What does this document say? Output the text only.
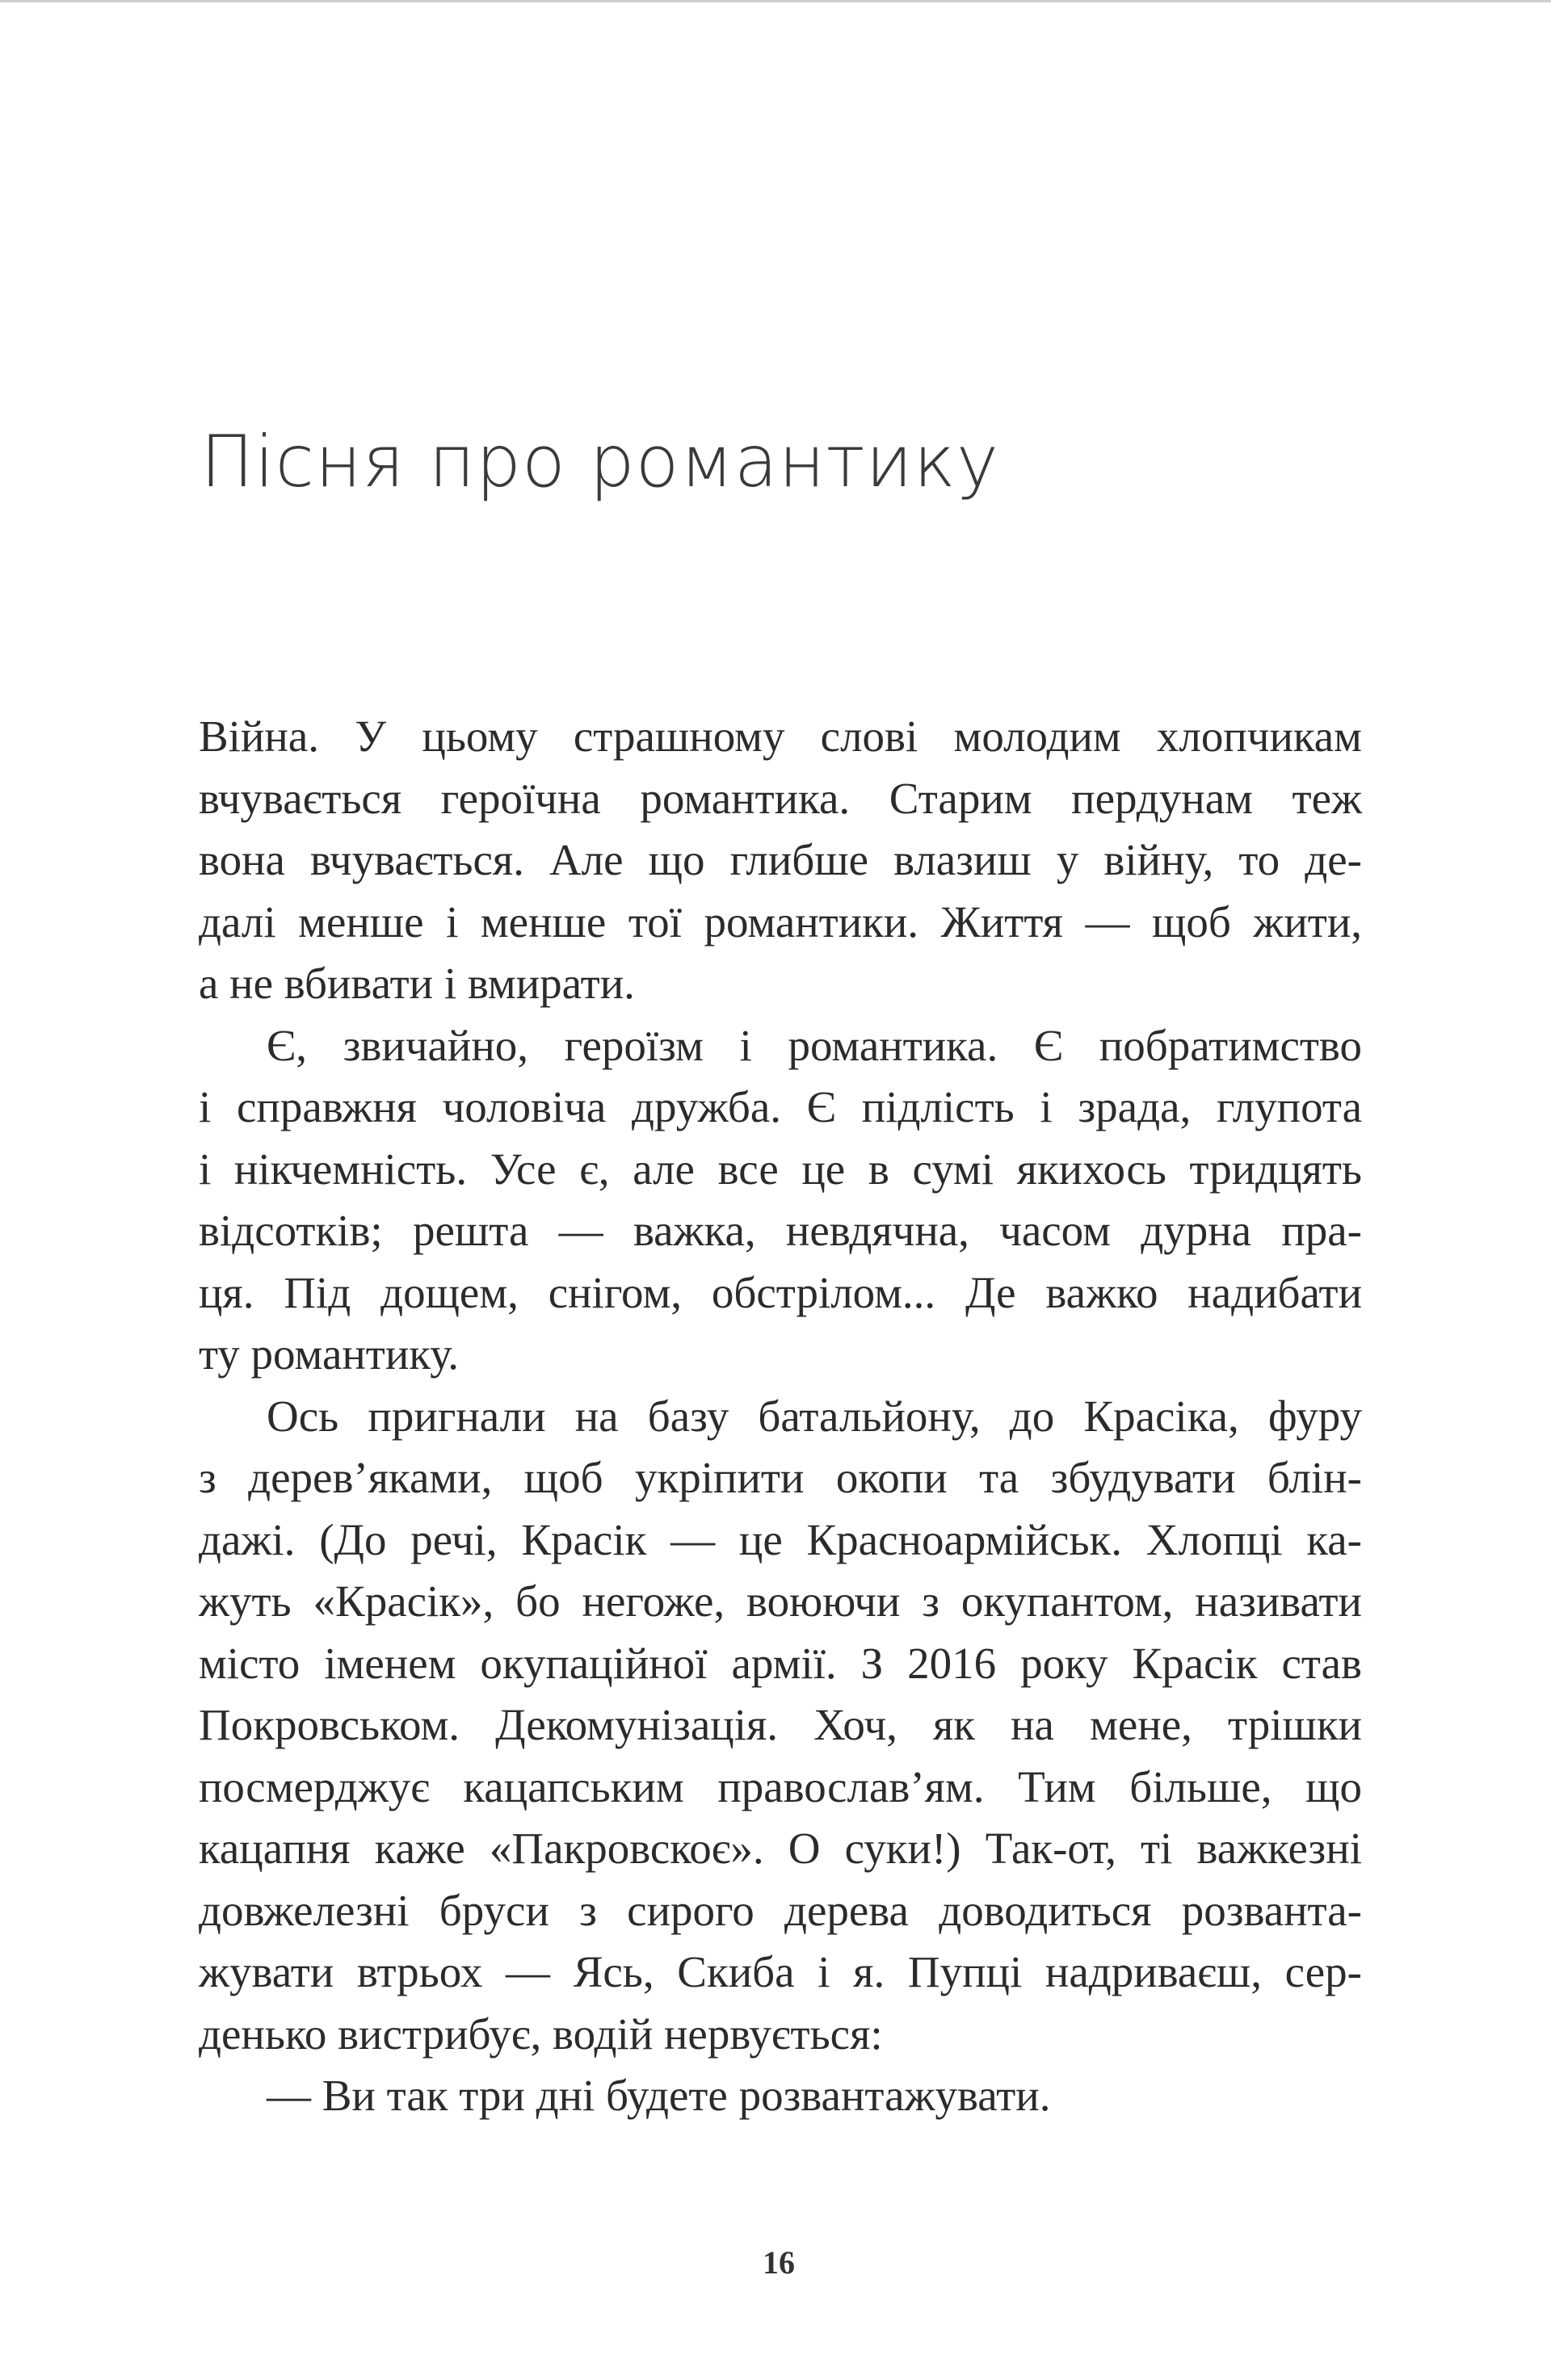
Пісня про романтику
Війна. У цьому страшному слові молодим хлопчикам
вчувається героїчна романтика. Старим пердунам теж
вона вчувається. Але що глибше влазиш у війну, то де-
далі менше і менше тої романтики. Життя — щоб жити,
а не вбивати і вмирати.
Є, звичайно, героїзм і романтика. Є побратимство
і справжня чоловіча дружба. Є підлість і зрада, глупота
і нікчемність. Усе є, але все це в сумі якихось тридцять
відсотків; решта — важка, невдячна, часом дурна пра-
ця. Під дощем, снігом, обстрілом... Де важко надибати
ту романтику.
Ось пригнали на базу батальйону, до Красіка, фуру
з дерев’яками, щоб укріпити окопи та збудувати блін-
дажі. (До речі, Красік — це Красноармійськ. Хлопці ка-
жуть «Красік», бо негоже, воюючи з окупантом, називати
місто іменем окупаційної армії. З 2016 року Красік став
Покровськом. Декомунізація. Хоч, як на мене, трішки
посмерджує кацапським православ’ям. Тим більше, що
кацапня каже «Пакровскоє». О суки!) Так-от, ті важкезні
довжелезні бруси з сирого дерева доводиться розванта-
жувати втрьох — Ясь, Скиба і я. Пупці надриваєш, сер-
денько вистрибує, водій нервується:
— Ви так три дні будете розвантажувати.
16
